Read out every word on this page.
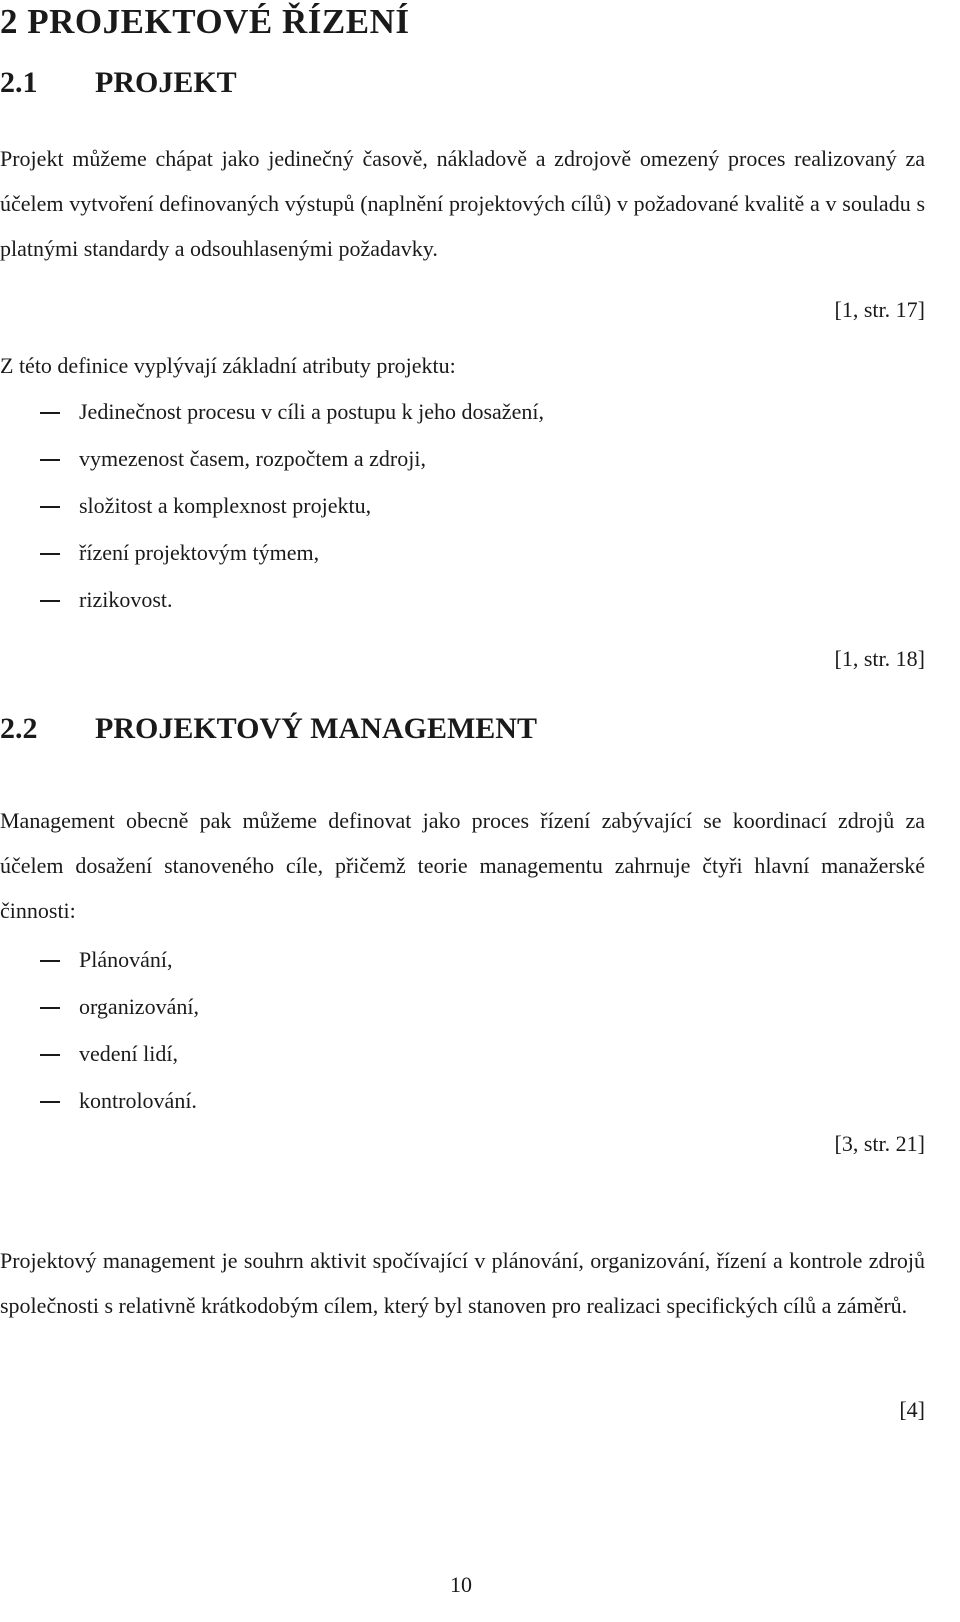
2 PROJEKTOVÉ ŘÍZENÍ
2.1 PROJEKT

Projekt můžeme chápat jako jedinečný časově, nákladově a zdrojově omezený proces realizovaný za účelem vytvoření definovaných výstupů (naplnění projektových cílů) v požadované kvalitě a v souladu s platnými standardy a odsouhlasenými požadavky.

[1, str. 17]
Z této definice vyplývají základní atributy projektu:
Jedinečnost procesu v cíli a postupu k jeho dosažení,
vymezenost časem, rozpočtem a zdroji,
složitost a komplexnost projektu,
řízení projektovým týmem,
rizikovost.
[1, str. 18]
2.2 PROJEKTOVÝ MANAGEMENT

Management obecně pak můžeme definovat jako proces řízení zabývající se koordinací zdrojů za účelem dosažení stanoveného cíle, přičemž teorie managementu zahrnuje čtyři hlavní manažerské činnosti:

Plánování,
organizování,
vedení lidí,
kontrolování.
[3, str. 21]

Projektový management je souhrn aktivit spočívající v plánování, organizování, řízení a kontrole zdrojů společnosti s relativně krátkodobým cílem, který byl stanoven pro realizaci specifických cílů a záměrů.

[4]
10
